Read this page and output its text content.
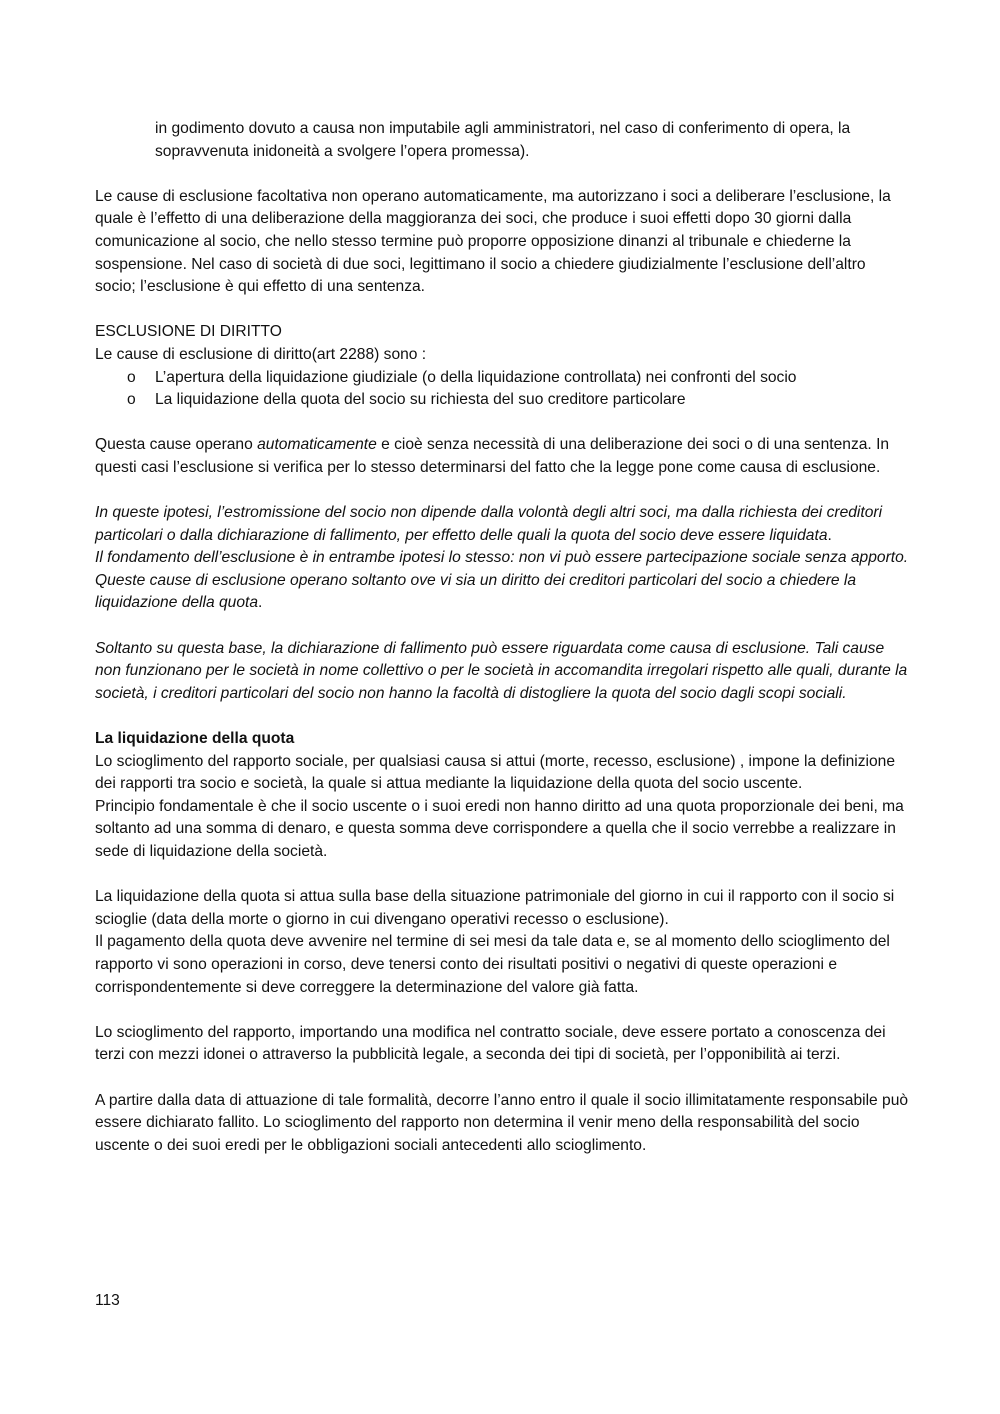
in godimento dovuto a causa non imputabile agli amministratori, nel caso di conferimento di opera, la sopravvenuta inidoneità a svolgere l’opera promessa).

Le cause di esclusione facoltativa non operano automaticamente, ma autorizzano i soci a deliberare l’esclusione, la quale è l’effetto di una deliberazione della maggioranza dei soci, che produce i suoi effetti dopo 30 giorni dalla comunicazione al socio, che nello stesso termine può proporre opposizione dinanzi al tribunale e chiederne la sospensione. Nel caso di società di due soci, legittimano il socio a chiedere giudizialmente l’esclusione dell’altro socio; l’esclusione è qui effetto di una sentenza.

ESCLUSIONE DI DIRITTO

Le cause di esclusione di diritto(art 2288) sono :

o L’apertura della liquidazione giudiziale (o della liquidazione controllata) nei confronti del socio
o La liquidazione della quota del socio su richiesta del suo creditore particolare

Questa cause operano automaticamente e cioè senza necessità di una deliberazione dei soci o di una sentenza. In questi casi l’esclusione si verifica per lo stesso determinarsi del fatto che la legge pone come causa di esclusione.

In queste ipotesi, l’estromissione del socio non dipende dalla volontà degli altri soci, ma dalla richiesta dei creditori particolari o dalla dichiarazione di fallimento, per effetto delle quali la quota del socio deve essere liquidata.

Il fondamento dell’esclusione è in entrambe ipotesi lo stesso: non vi può essere partecipazione sociale senza apporto. Queste cause di esclusione operano soltanto ove vi sia un diritto dei creditori particolari del socio a chiedere la liquidazione della quota.

Soltanto su questa base, la dichiarazione di fallimento può essere riguardata come causa di esclusione. Tali cause non funzionano per le società in nome collettivo o per le società in accomandita irregolari rispetto alle quali, durante la società, i creditori particolari del socio non hanno la facoltà di distogliere la quota del socio dagli scopi sociali.

La liquidazione della quota

Lo scioglimento del rapporto sociale, per qualsiasi causa si attui (morte, recesso, esclusione) , impone la definizione dei rapporti tra socio e società, la quale si attua mediante la liquidazione della quota del socio uscente.

Principio fondamentale è che il socio uscente o i suoi eredi non hanno diritto ad una quota proporzionale dei beni, ma soltanto ad una somma di denaro, e questa somma deve corrispondere a quella che il socio verrebbe a realizzare in sede di liquidazione della società.

La liquidazione della quota si attua sulla base della situazione patrimoniale del giorno in cui il rapporto con il socio si scioglie (data della morte o giorno in cui divengano operativi recesso o esclusione).

Il pagamento della quota deve avvenire nel termine di sei mesi da tale data e, se al momento dello scioglimento del rapporto vi sono operazioni in corso, deve tenersi conto dei risultati positivi o negativi di queste operazioni e corrispondentemente si deve correggere la determinazione del valore già fatta.

Lo scioglimento del rapporto, importando una modifica nel contratto sociale, deve essere portato a conoscenza dei terzi con mezzi idonei o attraverso la pubblicità legale, a seconda dei tipi di società, per l’opponibilità ai terzi.

A partire dalla data di attuazione di tale formalità, decorre l’anno entro il quale il socio illimitatamente responsabile può essere dichiarato fallito. Lo scioglimento del rapporto non determina il venir meno della responsabilità del socio uscente o dei suoi eredi per le obbligazioni sociali antecedenti allo scioglimento.

113
